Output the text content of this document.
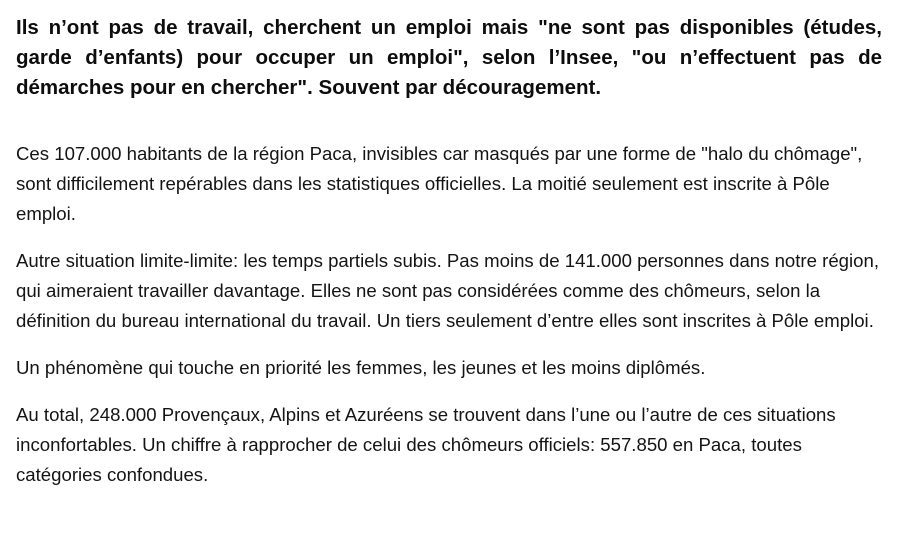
Ils n’ont pas de travail, cherchent un emploi mais "ne sont pas disponibles (études, garde d’enfants) pour occuper un emploi", selon l’Insee, "ou n’effectuent pas de démarches pour en chercher". Souvent par découragement.

Ces 107.000 habitants de la région Paca, invisibles car masqués par une forme de "halo du chômage", sont difficilement repérables dans les statistiques officielles. La moitié seulement est inscrite à Pôle emploi.

Autre situation limite-limite: les temps partiels subis. Pas moins de 141.000 personnes dans notre région, qui aimeraient travailler davantage. Elles ne sont pas considérées comme des chômeurs, selon la définition du bureau international du travail. Un tiers seulement d’entre elles sont inscrites à Pôle emploi.

Un phénomène qui touche en priorité les femmes, les jeunes et les moins diplômés.

Au total, 248.000 Provençaux, Alpins et Azuréens se trouvent dans l’une ou l’autre de ces situations inconfortables. Un chiffre à rapprocher de celui des chômeurs officiels: 557.850 en Paca, toutes catégories confondues.
